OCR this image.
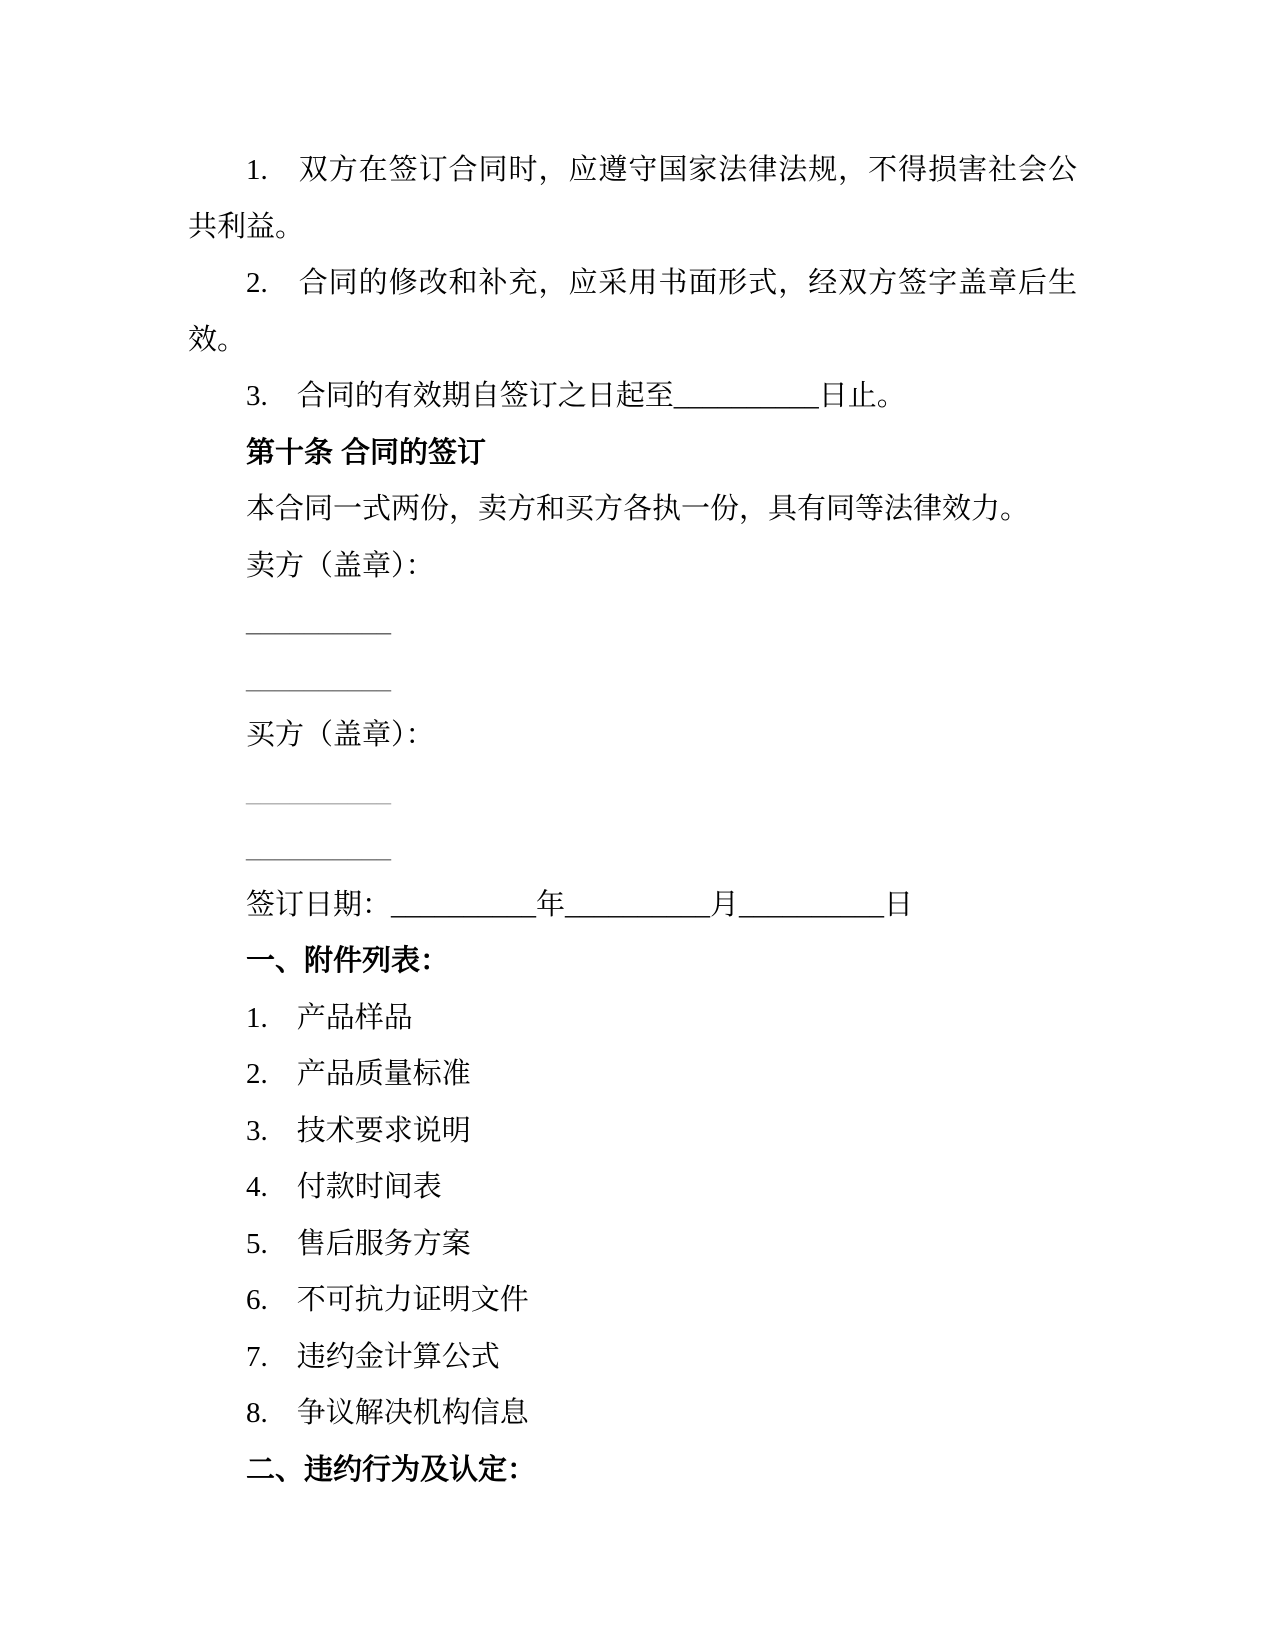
1.　双方在签订合同时，应遵守国家法律法规，不得损害社会公共利益。

2.　合同的修改和补充，应采用书面形式，经双方签字盖章后生效。

3.　合同的有效期自签订之日起至__________日止。

第十条 合同的签订

本合同一式两份，卖方和买方各执一份，具有同等法律效力。

卖方（盖章）：

__________

__________

买方（盖章）：

__________

__________

签订日期：__________年__________月__________日

一、附件列表：

1.　产品样品

2.　产品质量标准

3.　技术要求说明

4.　付款时间表

5.　售后服务方案

6.　不可抗力证明文件

7.　违约金计算公式

8.　争议解决机构信息

二、违约行为及认定：
